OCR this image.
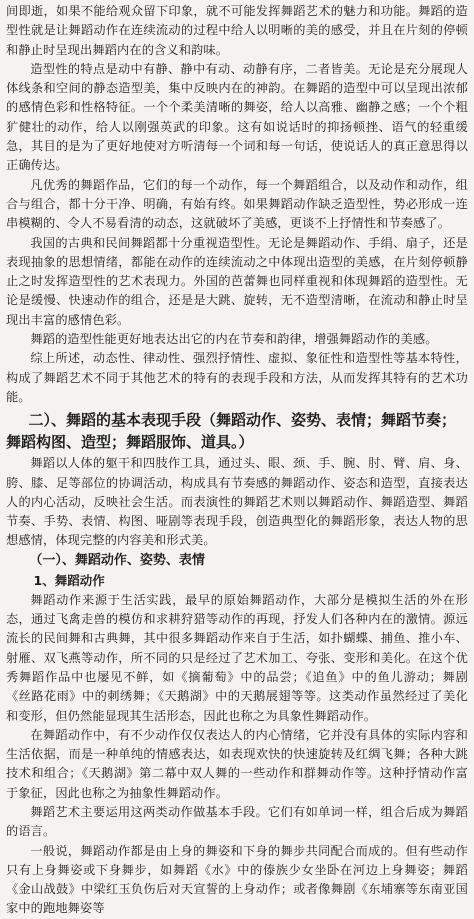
间即逝，如果不能给观众留下印象，就不可能发挥舞蹈艺术的魅力和功能。舞蹈的造型性就是让舞蹈动作在连续流动的过程中给人以明晰的美的感受，并且在片刻的停顿和静止时呈现出舞蹈内在的含义和韵味。

造型性的特点是动中有静、静中有动、动静有序，二者皆美。无论是充分展现人体线条和空间的静态造型美，集中反映内在的神韵。在舞蹈的造型中可以呈现出浓郁的感情色彩和性格特征。一个个柔美清晰的舞姿，给人以高雅、幽静之感；一个个粗犷健壮的动作，给人以刚强英武的印象。这有如说话时的抑扬顿挫、语气的轻重缓急，其目的是为了更好地使对方听清每一个词和每一句话，使说话人的真正意思得以正确传达。

凡优秀的舞蹈作品，它们的每一个动作，每一个舞蹈组合，以及动作和动作，组合与组合，都十分干净、明确，有始有终。如果舞蹈动作缺乏造型性，势必形成一连串模糊的、令人不易看清的动态，这就破坏了美感，更谈不上抒情性和节奏感了。

我国的古典和民间舞蹈都十分重视造型性。无论是舞蹈动作、手绢、扇子，还是表现抽象的思想情绪，都能在动作的连续流动之中体现出造型的美感，在片刻停顿静止之时发挥造型性的艺术表现力。外国的芭蕾舞也同样重视和体现舞蹈的造型性。无论是缓慢、快速动作的组合，还是是大跳、旋转，无不造型清晰，在流动和静止时呈现出丰富的感情色彩。

舞蹈的造型性能更好地表达出它的内在节奏和韵律，增强舞蹈动作的美感。

综上所述，动态性、律动性、强烈抒情性、虚拟、象征性和造型性等基本特性，构成了舞蹈艺术不同于其他艺术的特有的表现手段和方法，从而发挥其特有的艺术功能。

二）、舞蹈的基本表现手段（舞蹈动作、姿势、表情；舞蹈节奏；舞蹈构图、造型；舞蹈服饰、道具。）

舞蹈以人体的躯干和四肢作工具，通过头、眼、颈、手、腕、肘、臂、肩、身、胯、膝、足等部位的协调活动，构成具有节奏感的舞蹈动作、姿态和造型，直接表达人的内心活动，反映社会生活。而表演性的舞蹈艺术则以舞蹈动作、舞蹈造型、舞蹈节奏、手势、表情、构图、哑剧等表现手段，创造典型化的舞蹈形象，表达人物的思想感情，体现完整的内容美和形式美。

（一）、舞蹈动作、姿势、表情

1、舞蹈动作

舞蹈动作来源于生活实践，最早的原始舞蹈动作，大部分是模拟生活的外在形态，通过飞禽走兽的模仿和求耕狩猎等动作的再现，抒发人们各种内在的激情。源远流长的民间舞和古典舞，其中很多舞蹈动作来自于生活，如扑蝴蝶、捕鱼、推小车、射雁、双飞燕等动作，所不同的只是经过了艺术加工、夸张、变形和美化。在这个优秀舞蹈作品中也屡见不鲜，如《摘葡萄》中的品尝；《追鱼》中的鱼儿游动；舞剧《丝路花雨》中的刺绣舞；《天鹅湖》中的天鹅展翅等等。这类动作虽然经过了美化和变形，但仍然能显现其生活形态，因此也称之为具象性舞蹈动作。

在舞蹈动作中，有不少动作仅仅表达人的内心情绪，它并没有具体的实际内容和生活依据，而是一种单纯的情感表达，如表现欢快的快速旋转及红绸飞舞；各种大跳技术和组合；《天鹅湖》第二幕中双人舞的一些动作和群舞动作等。这种抒情动作富于象征，因此也称之为抽象性舞蹈动作。

舞蹈艺术主要运用这两类动作做基本手段。它们有如单词一样，组合后成为舞蹈的语言。

一般说，舞蹈动作都是由上身的舞姿和下身的舞步共同配合而成的。但有些动作只有上身舞姿或下身舞步，如舞蹈《水》中的傣族少女坐卧在河边上身舞姿；舞蹈《金山战鼓》中梁红玉负伤后对天宣誓的上身动作；或者像舞剧《东埔寨等东南亚国家中的跑地舞姿等
